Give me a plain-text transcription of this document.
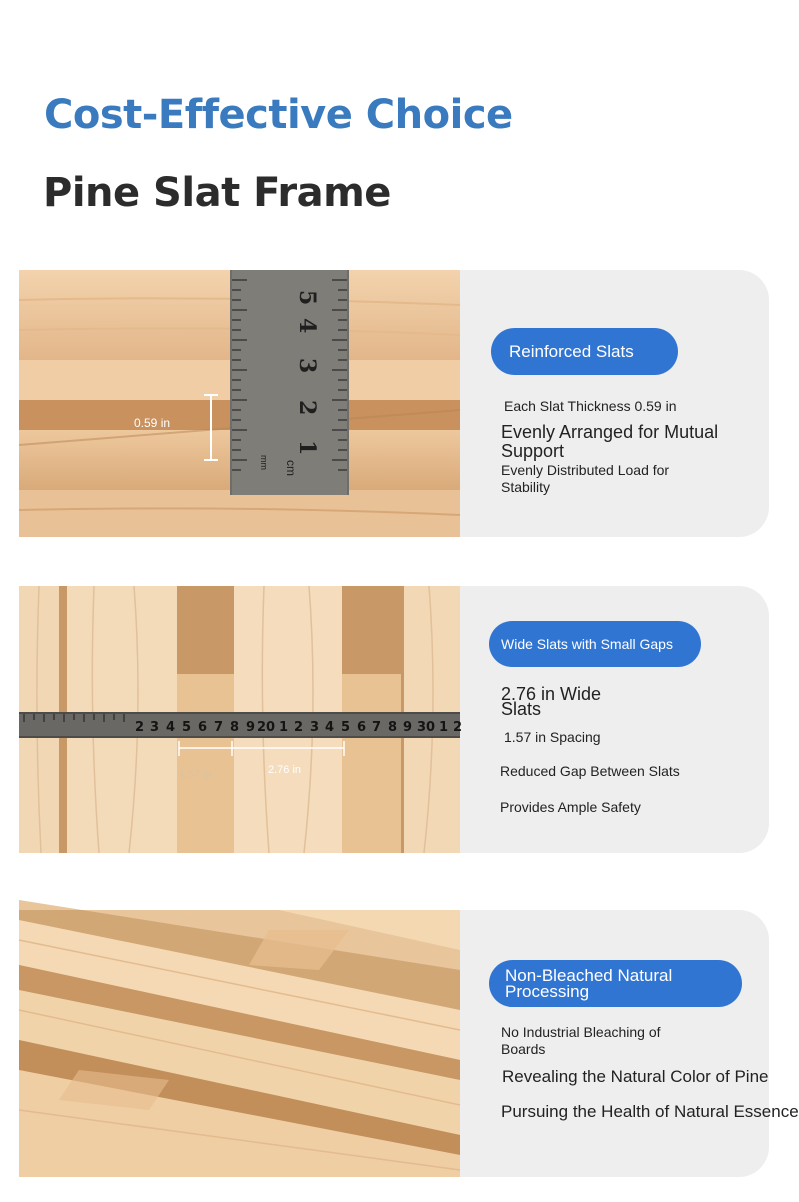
Cost-Effective Choice
Pine Slat Frame
5
4
3
2
1
cm
mm
0.59 in
Reinforced Slats
Each Slat Thickness 0.59 in
Evenly Arranged for Mutual
Support
Evenly Distributed Load for
Stability
2 3 4 5 6 7 8 9 20 1 2 3 4 5 6 7 8 9 30 1 2
1.57 in	2.76 in
Wide Slats with Small Gaps
2.76 in Wide
Slats
1.57 in Spacing
Reduced Gap Between Slats
Provides Ample Safety
Non-Bleached Natural
Processing
No Industrial Bleaching of
Boards
Revealing the Natural Color of Pine
Pursuing the Health of Natural Essence
